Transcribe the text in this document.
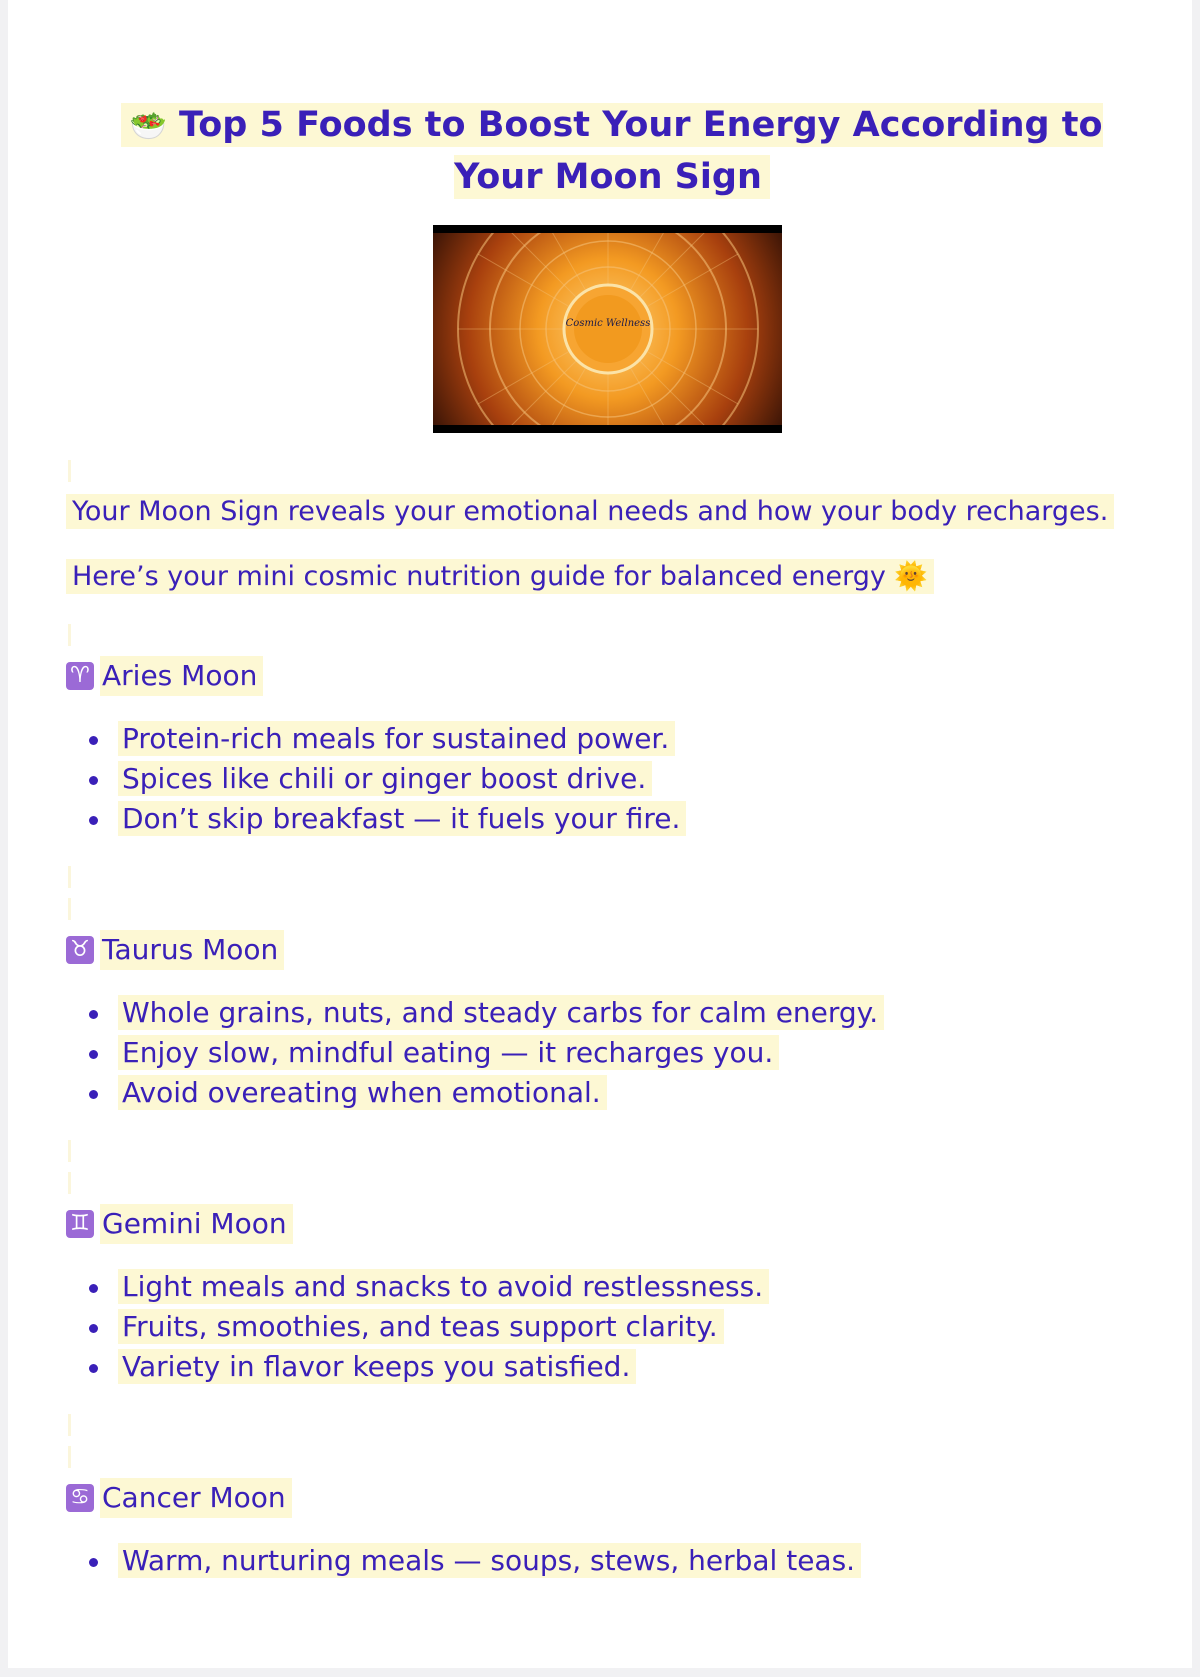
🥗 Top 5 Foods to Boost Your Energy According to Your Moon Sign
Cosmic Wellness

Your Moon Sign reveals your emotional needs and how your body recharges.

Here’s your mini cosmic nutrition guide for balanced energy 🌞

♈ Aries Moon
Protein-rich meals for sustained power.
Spices like chili or ginger boost drive.
Don’t skip breakfast — it fuels your fire.
♉ Taurus Moon
Whole grains, nuts, and steady carbs for calm energy.
Enjoy slow, mindful eating — it recharges you.
Avoid overeating when emotional.
♊ Gemini Moon
Light meals and snacks to avoid restlessness.
Fruits, smoothies, and teas support clarity.
Variety in flavor keeps you satisfied.
♋ Cancer Moon
Warm, nurturing meals — soups, stews, herbal teas.
